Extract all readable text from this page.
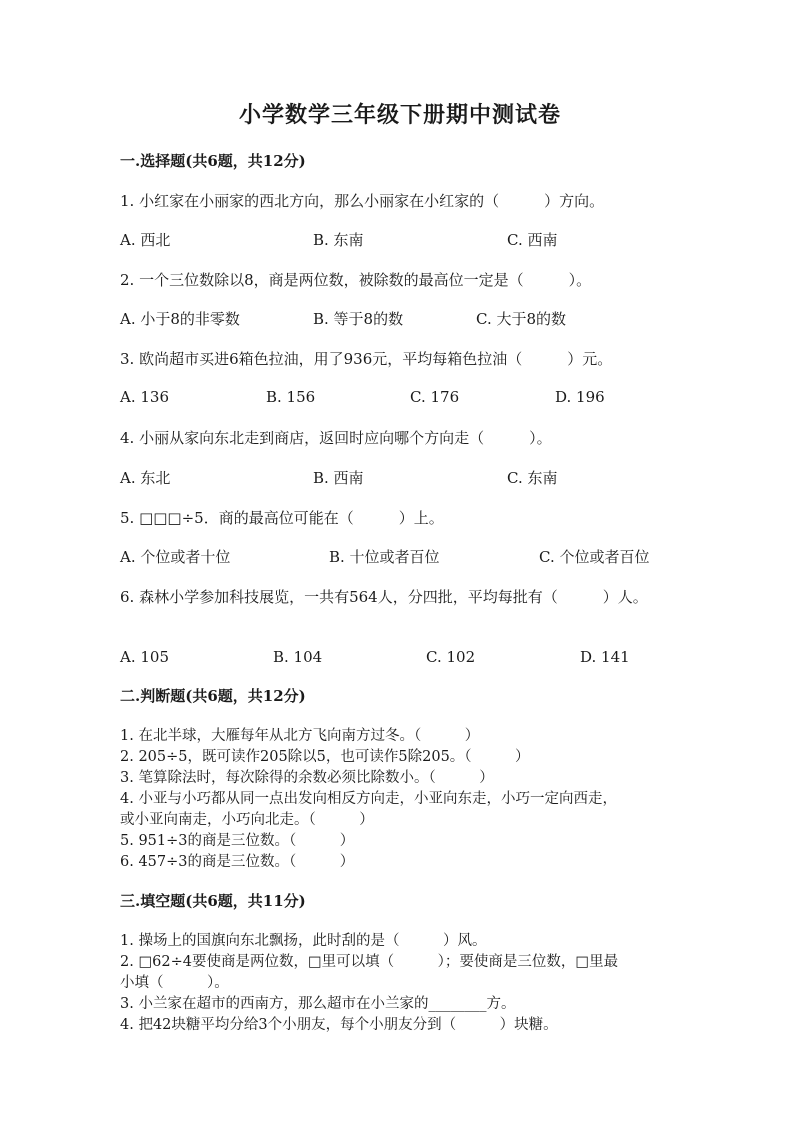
小学数学三年级下册期中测试卷
一.选择题(共6题，共12分)
1. 小红家在小丽家的西北方向，那么小丽家在小红家的（　　　）方向。
A. 西北	B. 东南	C. 西南
2. 一个三位数除以8，商是两位数，被除数的最高位一定是（　　　）。
A. 小于8的非零数	B. 等于8的数	C. 大于8的数
3. 欧尚超市买进6箱色拉油，用了936元，平均每箱色拉油（　　　）元。
A. 136	B. 156	C. 176	D. 196
4. 小丽从家向东北走到商店，返回时应向哪个方向走（　　　）。
A. 东北	B. 西南	C. 东南
5. □□□÷5．商的最高位可能在（　　　）上。
A. 个位或者十位	B. 十位或者百位	C. 个位或者百位
6. 森林小学参加科技展览，一共有564人，分四批，平均每批有（　　　）人。
A. 105	B. 104	C. 102	D. 141
二.判断题(共6题，共12分)
1. 在北半球，大雁每年从北方飞向南方过冬。（　　　）
2. 205÷5，既可读作205除以5，也可读作5除205。（　　　）
3. 笔算除法时，每次除得的余数必须比除数小。（　　　）
4. 小亚与小巧都从同一点出发向相反方向走，小亚向东走，小巧一定向西走，
或小亚向南走，小巧向北走。（　　　）
5. 951÷3的商是三位数。（　　　）
6. 457÷3的商是三位数。（　　　）
三.填空题(共6题，共11分)
1. 操场上的国旗向东北飘扬，此时刮的是（　　　）风。
2. □62÷4要使商是两位数，□里可以填（　　　）；要使商是三位数，□里最
小填（　　　）。
3. 小兰家在超市的西南方，那么超市在小兰家的________方。
4. 把42块糖平均分给3个小朋友，每个小朋友分到（　　　）块糖。
